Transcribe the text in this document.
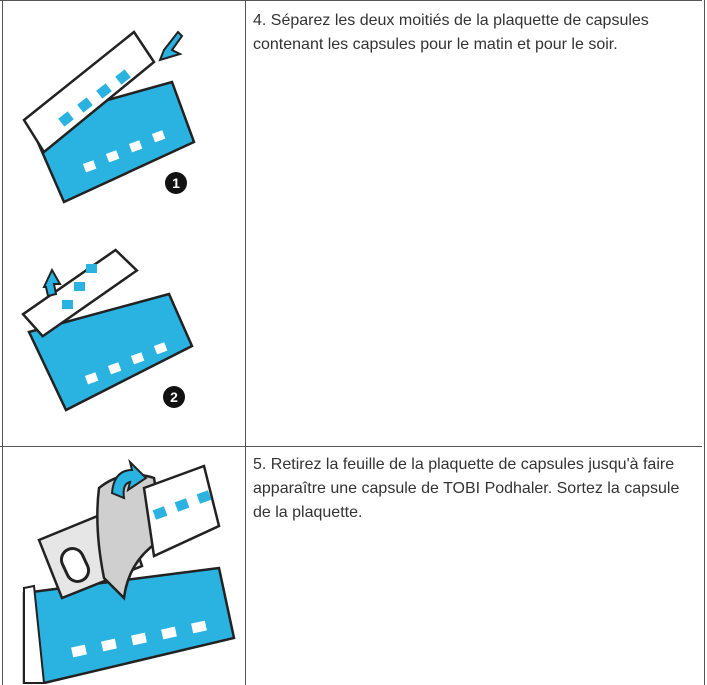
1
2
4. Séparez les deux moitiés de la plaquette de capsules contenant les capsules pour le matin et pour le soir.
5. Retirez la feuille de la plaquette de capsules jusqu'à faire apparaître une capsule de TOBI Podhaler. Sortez la capsule de la plaquette.
